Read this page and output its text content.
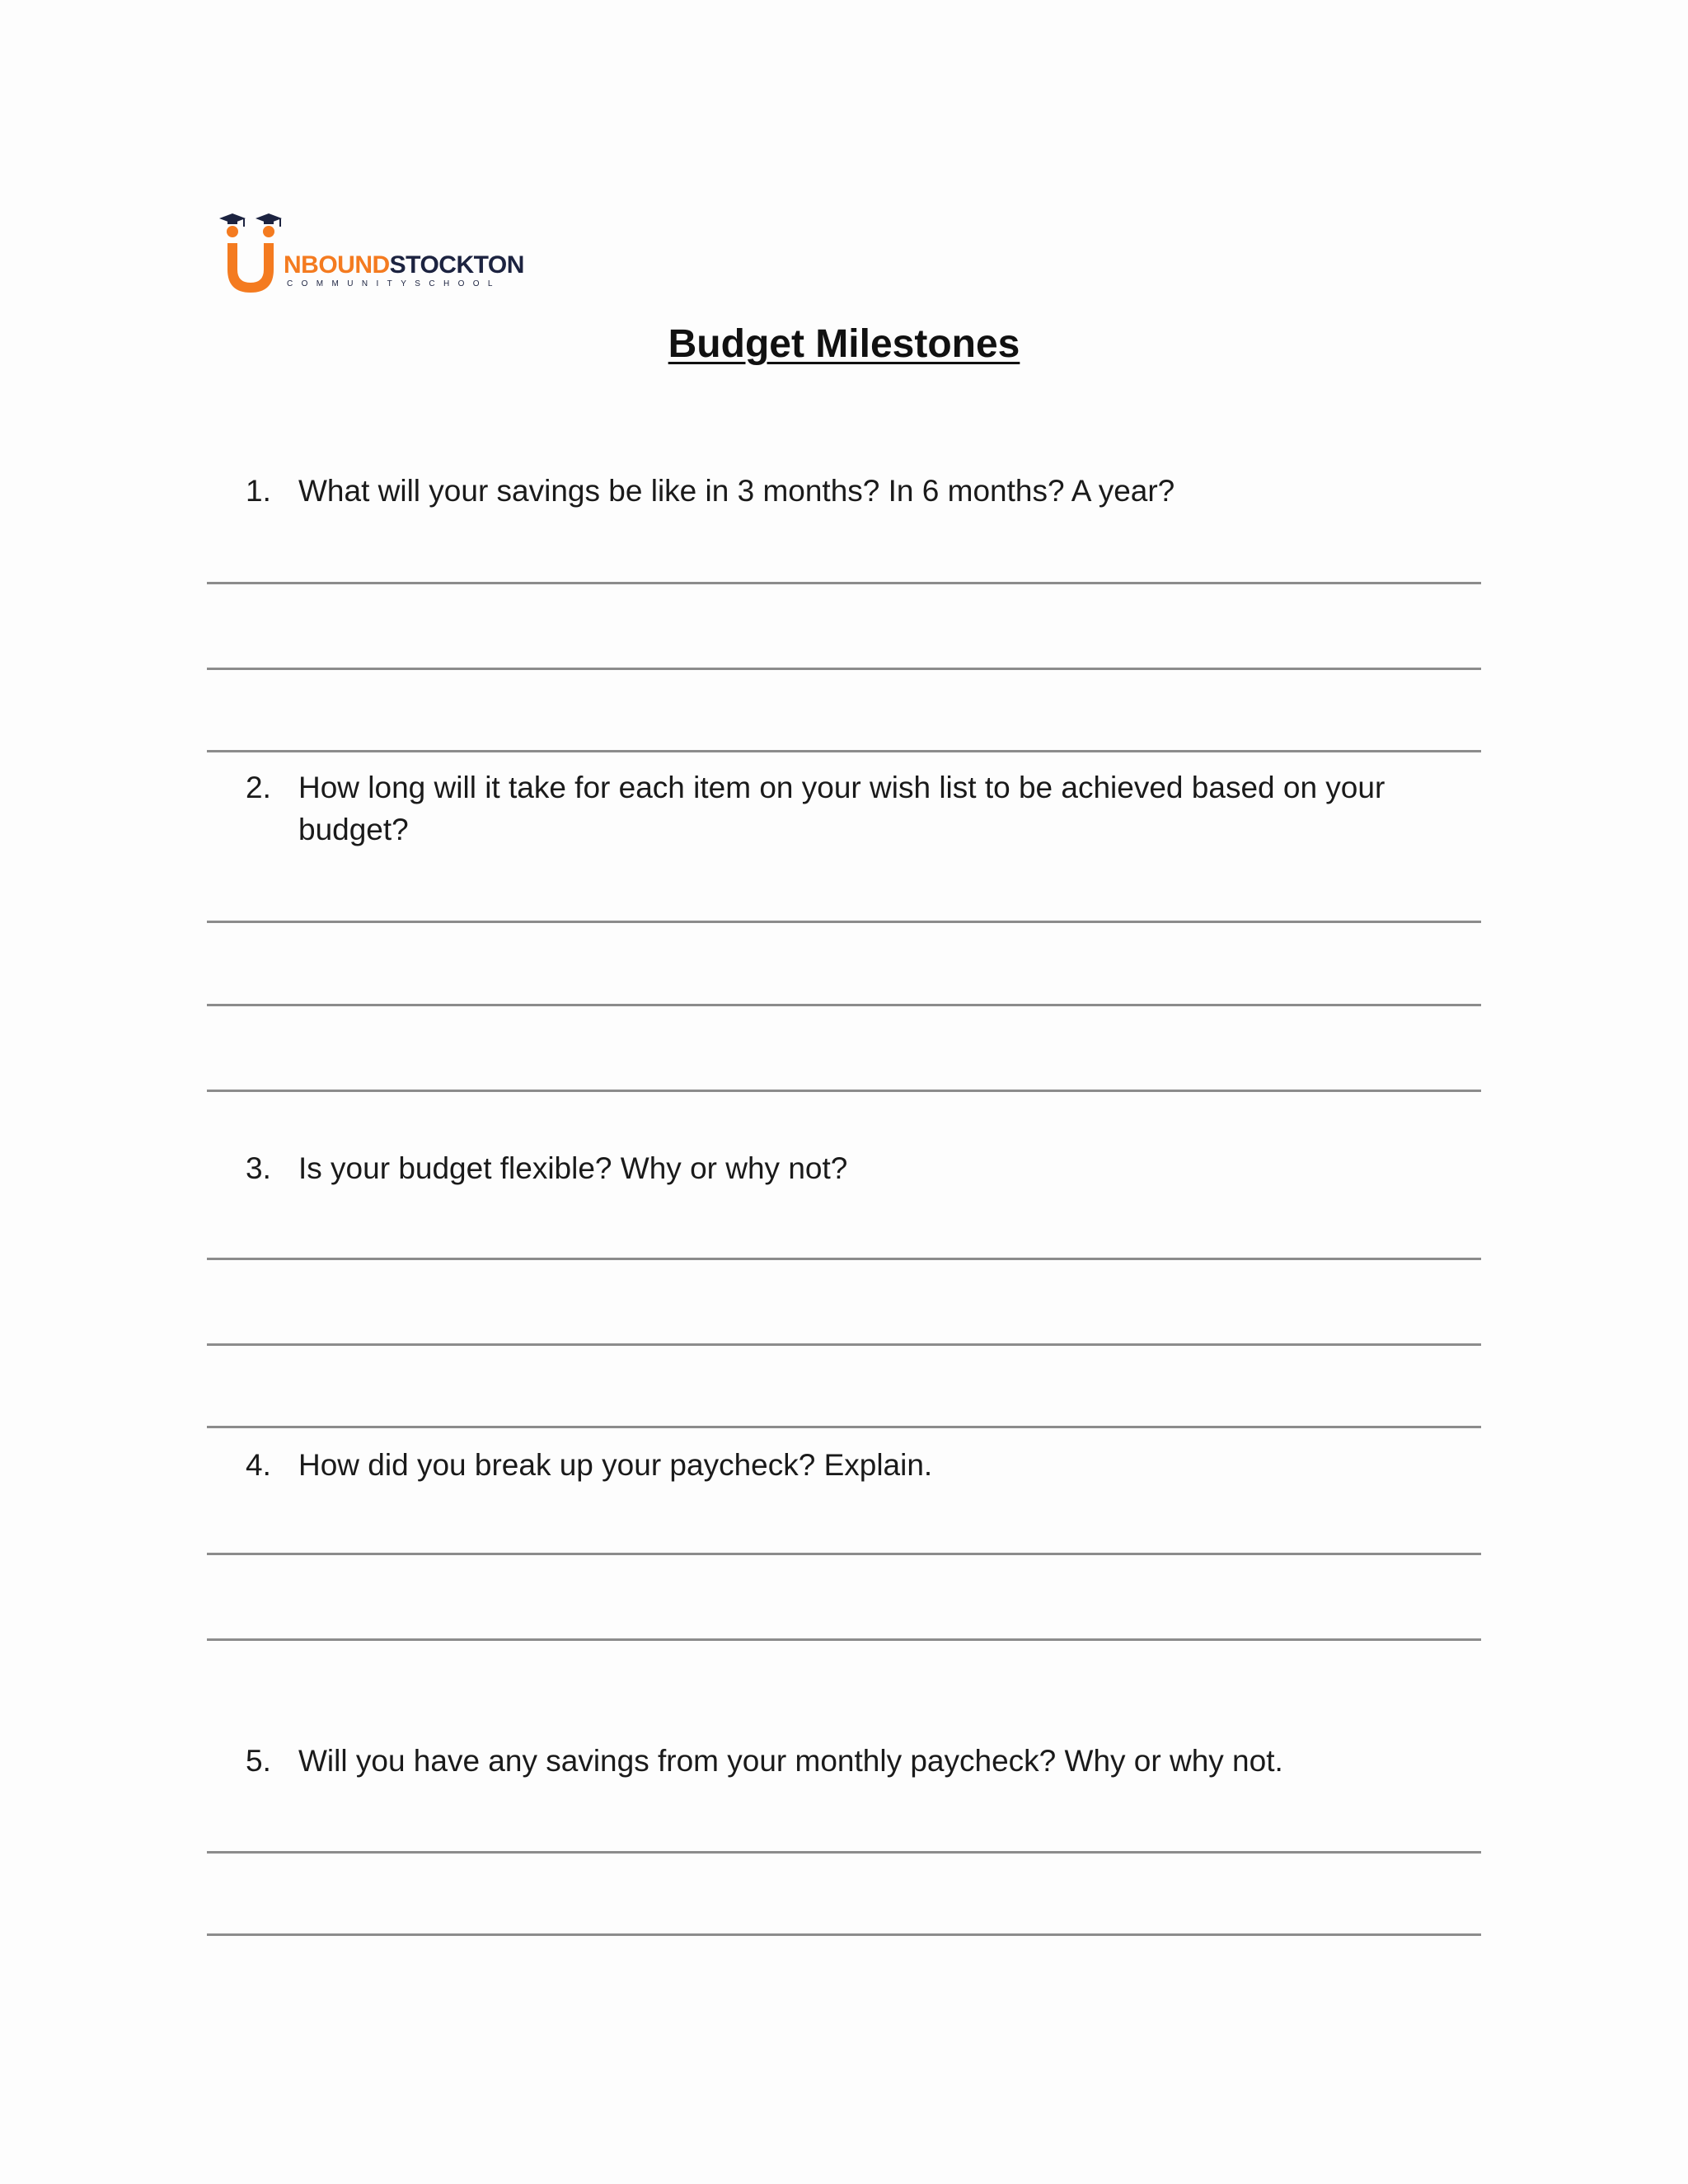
NBOUNDSTOCKTON
COMMUNITYSCHOOL
Budget Milestones
1. What will your savings be like in 3 months? In 6 months? A year?
2. How long will it take for each item on your wish list to be achieved based on your budget?
3. Is your budget flexible? Why or why not?
4. How did you break up your paycheck? Explain.
5. Will you have any savings from your monthly paycheck? Why or why not.
